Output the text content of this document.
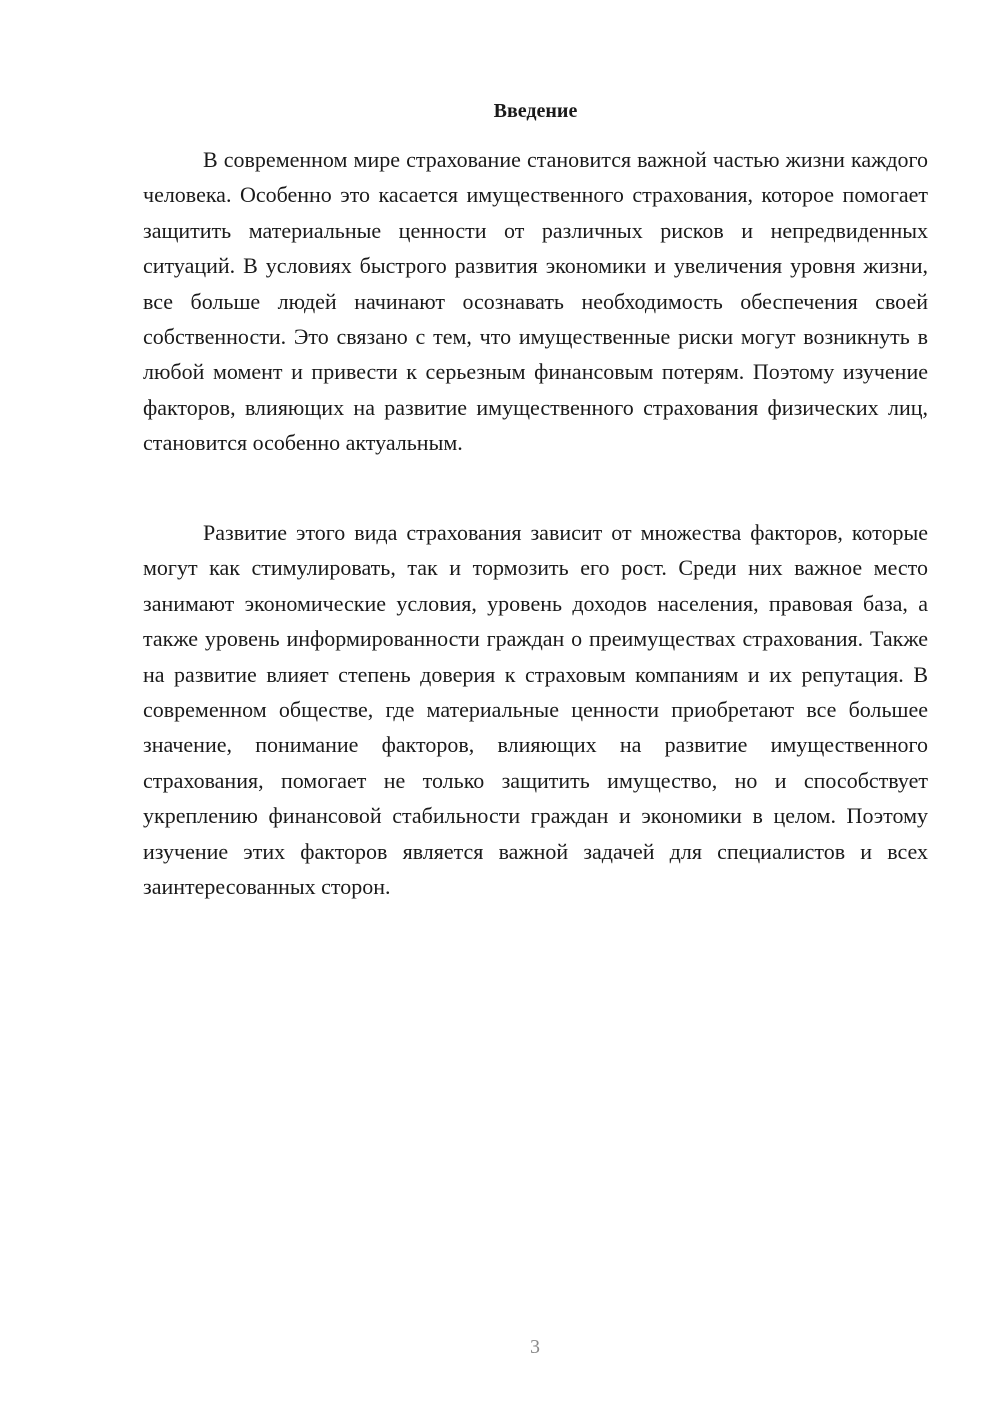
Введение

В современном мире страхование становится важной частью жизни каждого человека. Особенно это касается имущественного страхования, которое помогает защитить материальные ценности от различных рисков и непредвиденных ситуаций. В условиях быстрого развития экономики и увеличения уровня жизни, все больше людей начинают осознавать необходимость обеспечения своей собственности. Это связано с тем, что имущественные риски могут возникнуть в любой момент и привести к серьезным финансовым потерям. Поэтому изучение факторов, влияющих на развитие имущественного страхования физических лиц, становится особенно актуальным.

Развитие этого вида страхования зависит от множества факторов, которые могут как стимулировать, так и тормозить его рост. Среди них важное место занимают экономические условия, уровень доходов населения, правовая база, а также уровень информированности граждан о преимуществах страхования. Также на развитие влияет степень доверия к страховым компаниям и их репутация. В современном обществе, где материальные ценности приобретают все большее значение, понимание факторов, влияющих на развитие имущественного страхования, помогает не только защитить имущество, но и способствует укреплению финансовой стабильности граждан и экономики в целом. Поэтому изучение этих факторов является важной задачей для специалистов и всех заинтересованных сторон.

3
